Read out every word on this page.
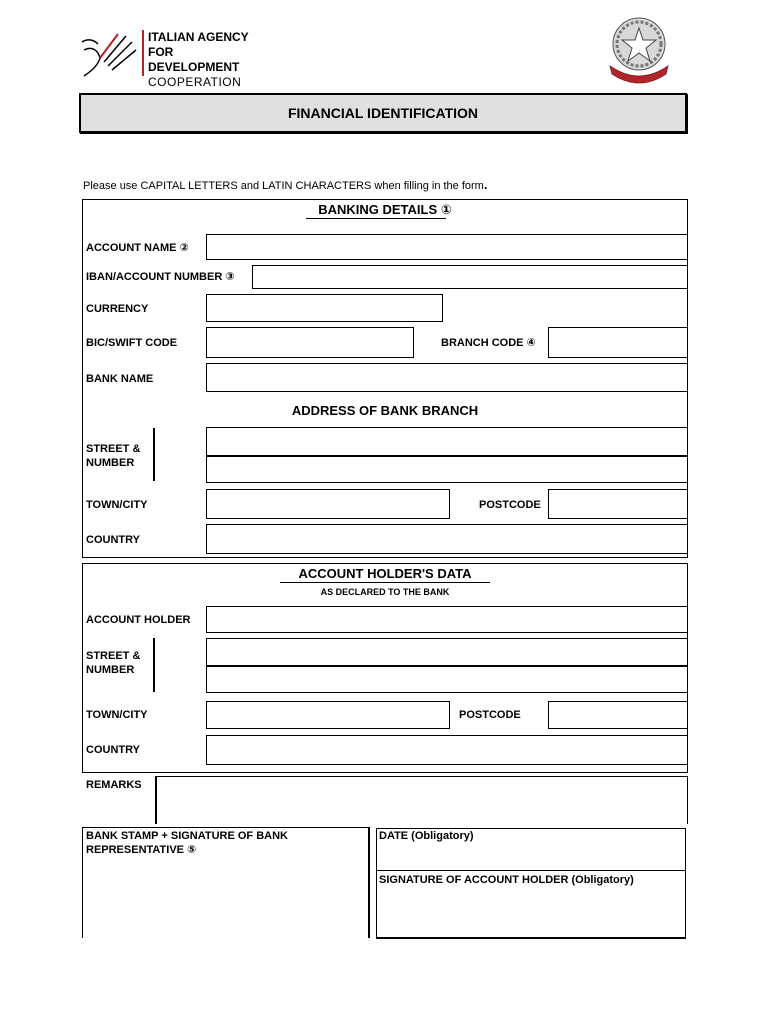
ITALIAN AGENCY
FOR DEVELOPMENT
COOPERATION
FINANCIAL IDENTIFICATION
Please use CAPITAL LETTERS and LATIN CHARACTERS when filling in the form.
BANKING DETAILS ①
ACCOUNT NAME ②
IBAN/ACCOUNT NUMBER ③
CURRENCY
BIC/SWIFT CODE	BRANCH CODE ④
BANK NAME
ADDRESS OF BANK BRANCH
STREET & NUMBER
TOWN/CITY	POSTCODE
COUNTRY
ACCOUNT HOLDER'S DATA
AS DECLARED TO THE BANK
ACCOUNT HOLDER
STREET & NUMBER
TOWN/CITY	POSTCODE
COUNTRY
REMARKS
BANK STAMP + SIGNATURE OF BANK REPRESENTATIVE ⑤
DATE (Obligatory)
SIGNATURE OF ACCOUNT HOLDER (Obligatory)
